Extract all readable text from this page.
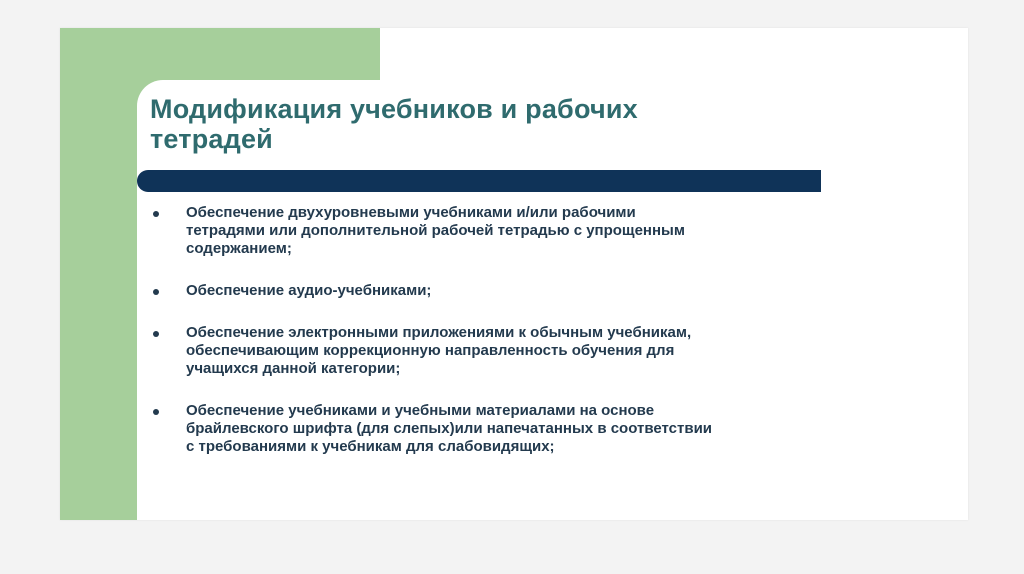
Модификация учебников и рабочих
тетрадей
Обеспечение двухуровневыми учебниками и/или рабочими
тетрадями или дополнительной рабочей тетрадью с упрощенным
содержанием;
Обеспечение аудио-учебниками;
Обеспечение электронными приложениями к обычным учебникам,
обеспечивающим коррекционную направленность обучения для
учащихся данной категории;
Обеспечение учебниками и учебными материалами на основе
брайлевского шрифта (для слепых)или напечатанных в соответствии
с требованиями к учебникам для слабовидящих;
